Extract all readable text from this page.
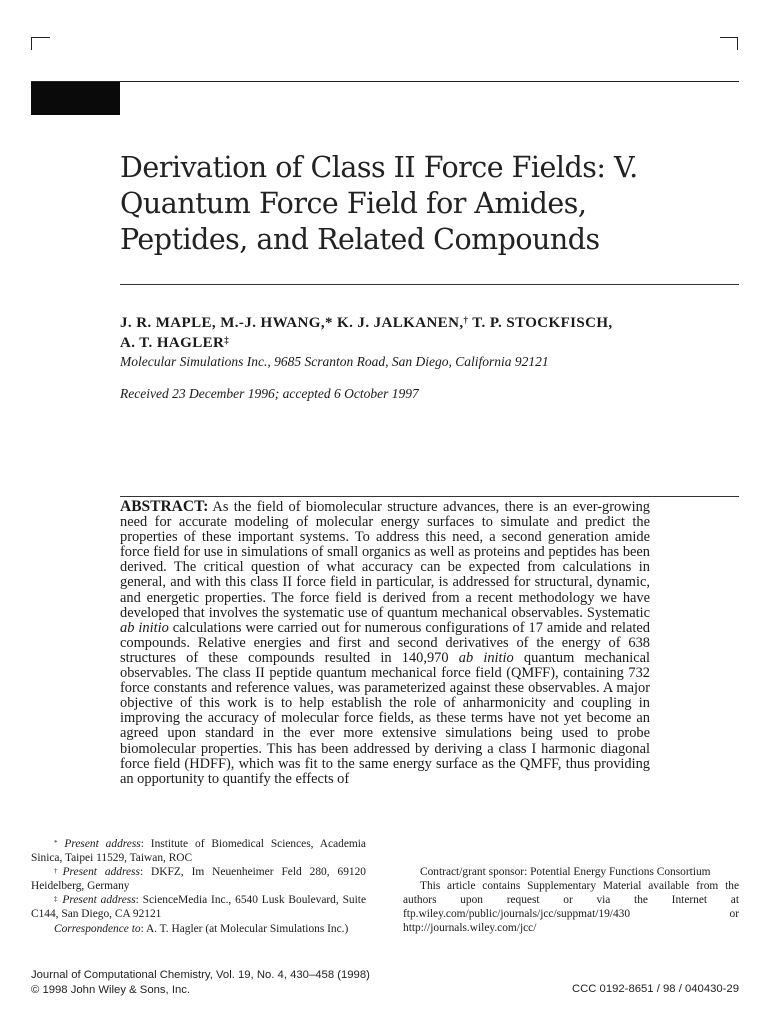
Derivation of Class II Force Fields: V.
Quantum Force Field for Amides,
Peptides, and Related Compounds

J. R. MAPLE, M.-J. HWANG,* K. J. JALKANEN,† T. P. STOCKFISCH,
A. T. HAGLER‡

Molecular Simulations Inc., 9685 Scranton Road, San Diego, California 92121

Received 23 December 1996; accepted 6 October 1997

ABSTRACT: As the field of biomolecular structure advances, there is an ever-growing need for accurate modeling of molecular energy surfaces to simulate and predict the properties of these important systems. To address this need, a second generation amide force field for use in simulations of small organics as well as proteins and peptides has been derived. The critical question of what accuracy can be expected from calculations in general, and with this class II force field in particular, is addressed for structural, dynamic, and energetic properties. The force field is derived from a recent methodology we have developed that involves the systematic use of quantum mechanical observables. Systematic ab initio calculations were carried out for numerous configurations of 17 amide and related compounds. Relative energies and first and second derivatives of the energy of 638 structures of these compounds resulted in 140,970 ab initio quantum mechanical observables. The class II peptide quantum mechanical force field (QMFF), containing 732 force constants and reference values, was parameterized against these observables. A major objective of this work is to help establish the role of anharmonicity and coupling in improving the accuracy of molecular force fields, as these terms have not yet become an agreed upon standard in the ever more extensive simulations being used to probe biomolecular properties. This has been addressed by deriving a class I harmonic diagonal force field (HDFF), which was fit to the same energy surface as the QMFF, thus providing an opportunity to quantify the effects of

* Present address: Institute of Biomedical Sciences, Academia Sinica, Taipei 11529, Taiwan, ROC

†Present address: DKFZ, Im Neuenheimer Feld 280, 69120 Heidelberg, Germany

‡ Present address: ScienceMedia Inc., 6540 Lusk Boulevard, Suite C144, San Diego, CA 92121

Correspondence to: A. T. Hagler (at Molecular Simulations Inc.)

Contract/grant sponsor: Potential Energy Functions Consortium

This article contains Supplementary Material available from the authors upon request or via the Internet at ftp.wiley.com/public/journals/jcc/suppmat/19/430 or http://journals.wiley.com/jcc/

Journal of Computational Chemistry, Vol. 19, No. 4, 430–458 (1998)
© 1998 John Wiley & Sons, Inc.	CCC 0192-8651 / 98 / 040430-29
